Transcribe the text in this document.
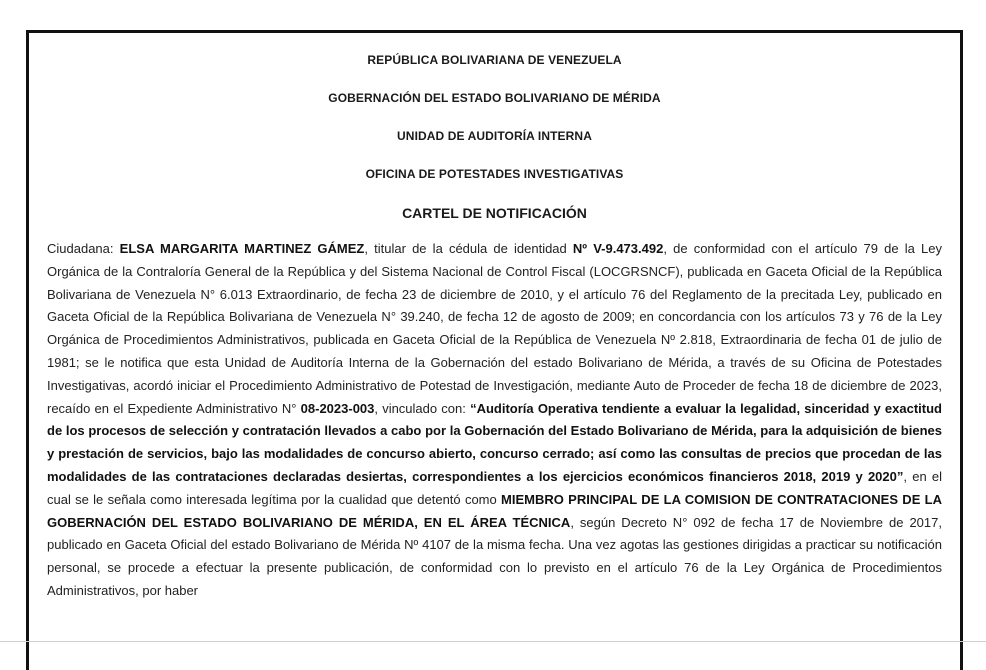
REPÚBLICA BOLIVARIANA DE VENEZUELA
GOBERNACIÓN DEL ESTADO BOLIVARIANO DE MÉRIDA
UNIDAD DE AUDITORÍA INTERNA
OFICINA DE POTESTADES INVESTIGATIVAS
CARTEL DE NOTIFICACIÓN
Ciudadana: ELSA MARGARITA MARTINEZ GÁMEZ, titular de la cédula de identidad Nº V-9.473.492, de conformidad con el artículo 79 de la Ley Orgánica de la Contraloría General de la República y del Sistema Nacional de Control Fiscal (LOCGRSNCF), publicada en Gaceta Oficial de la República Bolivariana de Venezuela N° 6.013 Extraordinario, de fecha 23 de diciembre de 2010, y el artículo 76 del Reglamento de la precitada Ley, publicado en Gaceta Oficial de la República Bolivariana de Venezuela N° 39.240, de fecha 12 de agosto de 2009; en concordancia con los artículos 73 y 76 de la Ley Orgánica de Procedimientos Administrativos, publicada en Gaceta Oficial de la República de Venezuela Nº 2.818, Extraordinaria de fecha 01 de julio de 1981; se le notifica que esta Unidad de Auditoría Interna de la Gobernación del estado Bolivariano de Mérida, a través de su Oficina de Potestades Investigativas, acordó iniciar el Procedimiento Administrativo de Potestad de Investigación, mediante Auto de Proceder de fecha 18 de diciembre de 2023, recaído en el Expediente Administrativo N° 08-2023-003, vinculado con: “Auditoría Operativa tendiente a evaluar la legalidad, sinceridad y exactitud de los procesos de selección y contratación llevados a cabo por la Gobernación del Estado Bolivariano de Mérida, para la adquisición de bienes y prestación de servicios, bajo las modalidades de concurso abierto, concurso cerrado; así como las consultas de precios que procedan de las modalidades de las contrataciones declaradas desiertas, correspondientes a los ejercicios económicos financieros 2018, 2019 y 2020”, en el cual se le señala como interesada legítima por la cualidad que detentó como MIEMBRO PRINCIPAL DE LA COMISION DE CONTRATACIONES DE LA GOBERNACIÓN DEL ESTADO BOLIVARIANO DE MÉRIDA, EN EL ÁREA TÉCNICA, según Decreto N° 092 de fecha 17 de Noviembre de 2017, publicado en Gaceta Oficial del estado Bolivariano de Mérida Nº 4107 de la misma fecha. Una vez agotas las gestiones dirigidas a practicar su notificación personal, se procede a efectuar la presente publicación, de conformidad con lo previsto en el artículo 76 de la Ley Orgánica de Procedimientos Administrativos, por haber
